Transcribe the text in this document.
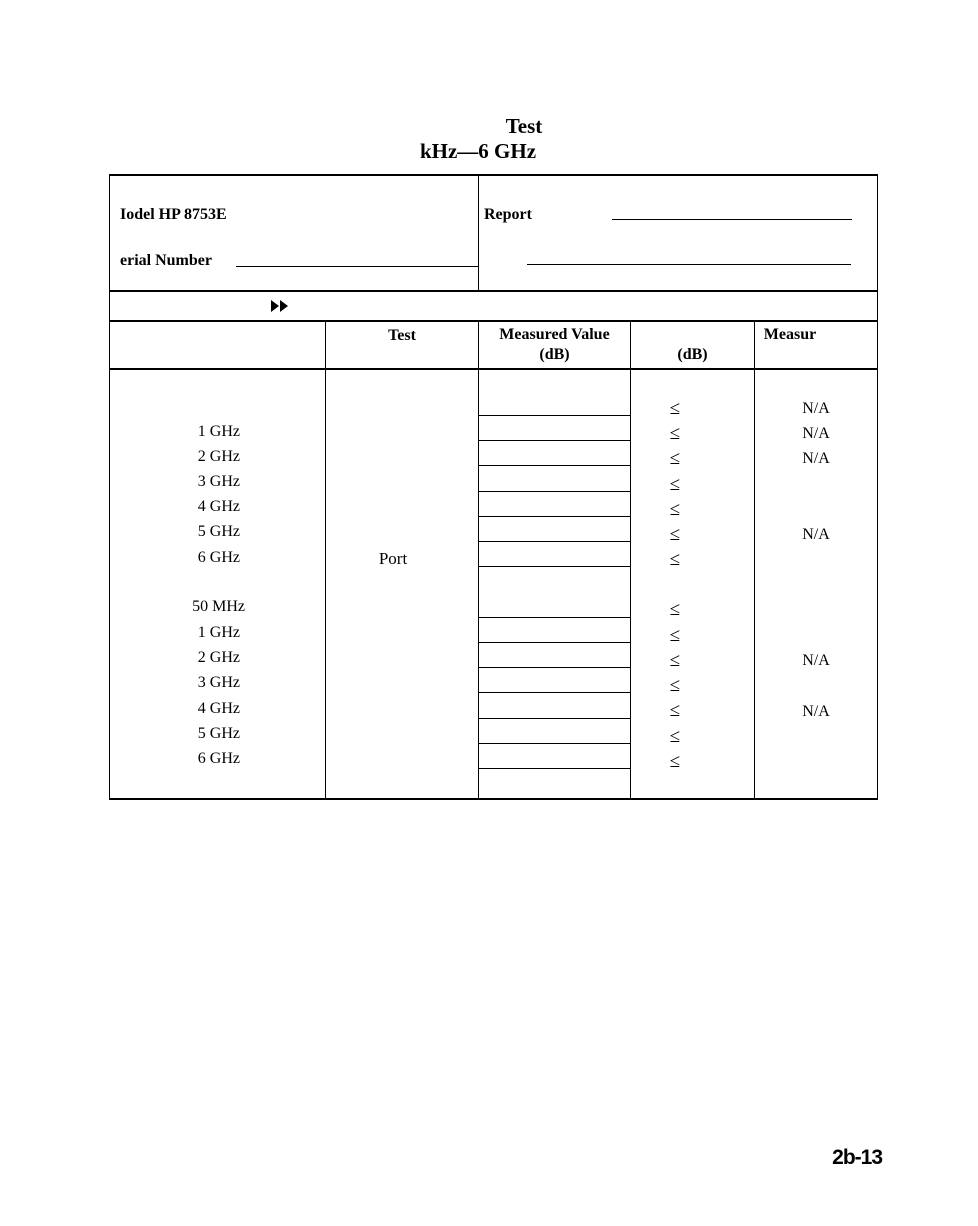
Test
kHz—6 GHz
Iodel HP 8753E
erial Number
Report
Test	Measured Value
(dB)	(dB)
Measur
Port
1 GHz
2 GHz
3 GHz
4 GHz
5 GHz
6 GHz
50 MHz
1 GHz
2 GHz
3 GHz
4 GHz
5 GHz
6 GHz
≤
≤
≤
≤
≤
≤
≤
≤
≤
≤
≤
≤
≤
≤
N/A
N/A
N/A
N/A
N/A
N/A
2b-13
